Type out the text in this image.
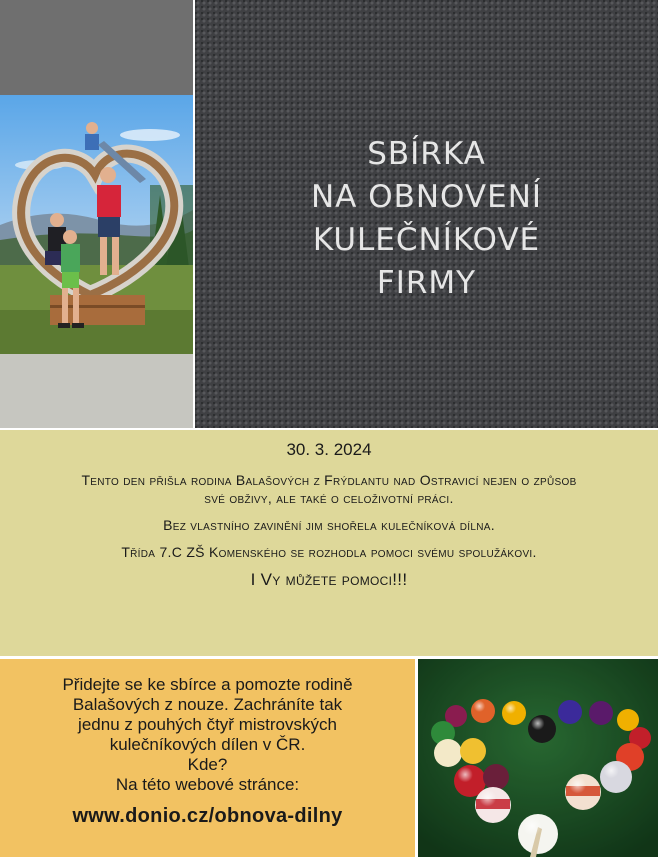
SBÍRKA
NA OBNOVENÍ
KULEČNÍKOVÉ
FIRMY
30. 3. 2024
Tento den přišla rodina Balašových z Frýdlantu nad Ostravicí nejen o způsob své obživy, ale také o celoživotní práci.
Bez vlastního zavinění jim shořela kulečníková dílna.
Třída 7.C ZŠ Komenského se rozhodla pomoci svému spolužákovi.
I Vy můžete pomoci!!!
Přidejte se ke sbírce a pomozte rodině
Balašových z nouze. Zachráníte tak
jednu z pouhých čtyř mistrovských
kulečníkových dílen v ČR.
Kde?
Na této webové stránce:
www.donio.cz/obnova-dilny
